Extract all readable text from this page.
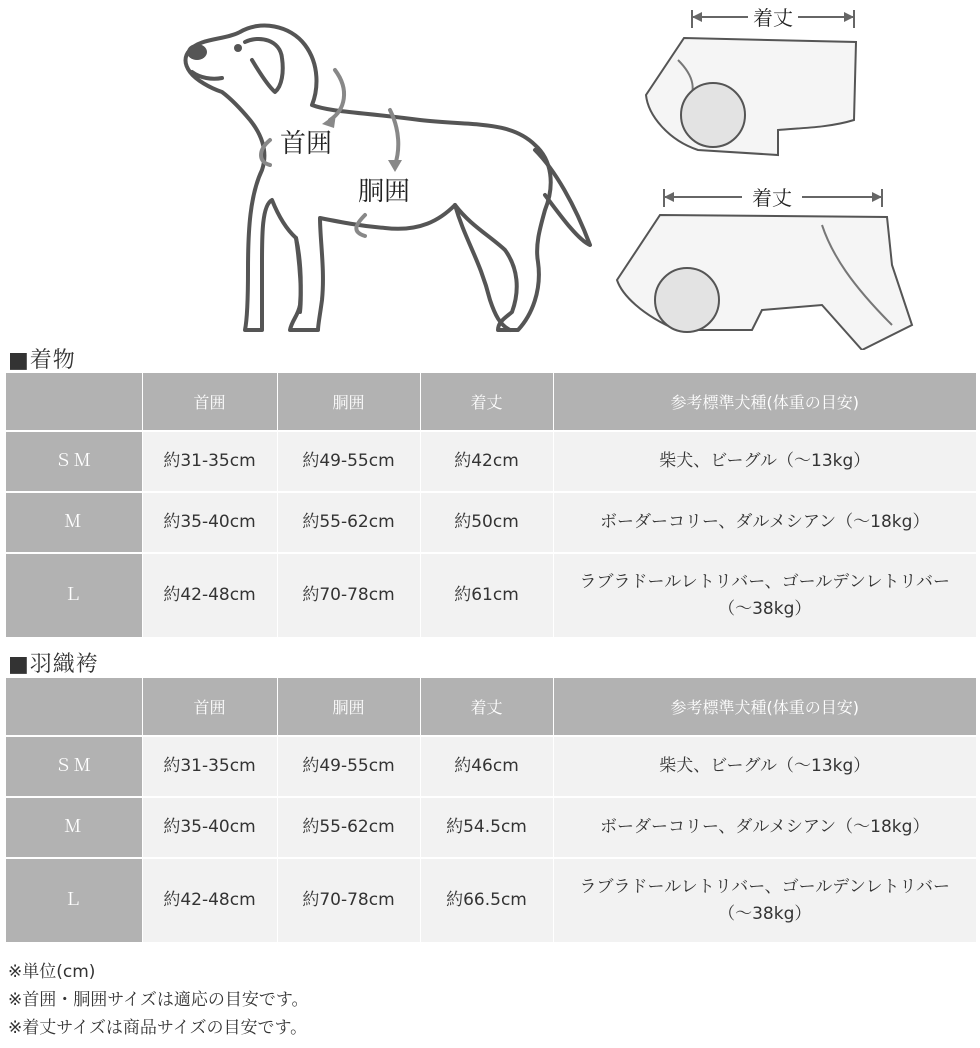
首囲
胴囲
着丈
着丈
■着物
	首囲	胴囲	着丈	参考標準犬種(体重の目安)
ＳＭ	約31-35cm	約49-55cm	約42cm	柴犬、ビーグル（～13kg）
Ｍ	約35-40cm	約55-62cm	約50cm	ボーダーコリー、ダルメシアン（～18kg）
Ｌ	約42-48cm	約70-78cm	約61cm	ラブラドールレトリバー、ゴールデンレトリバー
（～38kg）
■羽織袴
	首囲	胴囲	着丈	参考標準犬種(体重の目安)
ＳＭ	約31-35cm	約49-55cm	約46cm	柴犬、ビーグル（～13kg）
Ｍ	約35-40cm	約55-62cm	約54.5cm	ボーダーコリー、ダルメシアン（～18kg）
Ｌ	約42-48cm	約70-78cm	約66.5cm	ラブラドールレトリバー、ゴールデンレトリバー
（～38kg）
※単位(cm)
※首囲・胴囲サイズは適応の目安です。
※着丈サイズは商品サイズの目安です。
